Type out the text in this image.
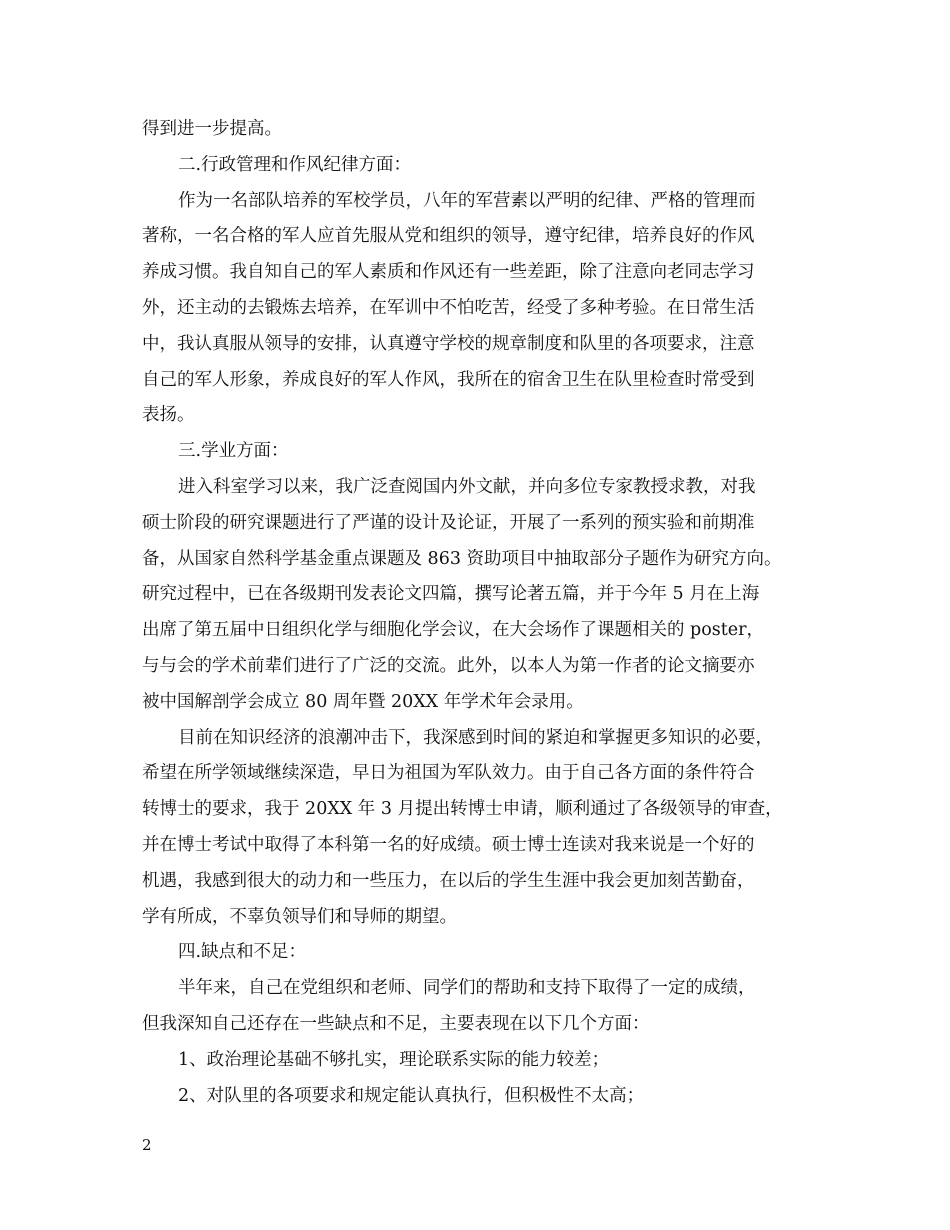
得到进一步提高。
二.行政管理和作风纪律方面：
作为一名部队培养的军校学员，八年的军营素以严明的纪律、严格的管理而
著称，一名合格的军人应首先服从党和组织的领导，遵守纪律，培养良好的作风
养成习惯。我自知自己的军人素质和作风还有一些差距，除了注意向老同志学习
外，还主动的去锻炼去培养，在军训中不怕吃苦，经受了多种考验。在日常生活
中，我认真服从领导的安排，认真遵守学校的规章制度和队里的各项要求，注意
自己的军人形象，养成良好的军人作风，我所在的宿舍卫生在队里检查时常受到
表扬。
三.学业方面：
进入科室学习以来，我广泛查阅国内外文献，并向多位专家教授求教，对我
硕士阶段的研究课题进行了严谨的设计及论证，开展了一系列的预实验和前期准
备，从国家自然科学基金重点课题及 863 资助项目中抽取部分子题作为研究方向。
研究过程中，已在各级期刊发表论文四篇，撰写论著五篇，并于今年 5 月在上海
出席了第五届中日组织化学与细胞化学会议，在大会场作了课题相关的 poster，
与与会的学术前辈们进行了广泛的交流。此外，以本人为第一作者的论文摘要亦
被中国解剖学会成立 80 周年暨 20XX 年学术年会录用。
目前在知识经济的浪潮冲击下，我深感到时间的紧迫和掌握更多知识的必要，
希望在所学领域继续深造，早日为祖国为军队效力。由于自己各方面的条件符合
转博士的要求，我于 20XX 年 3 月提出转博士申请，顺利通过了各级领导的审查，
并在博士考试中取得了本科第一名的好成绩。硕士博士连读对我来说是一个好的
机遇，我感到很大的动力和一些压力，在以后的学生生涯中我会更加刻苦勤奋，
学有所成，不辜负领导们和导师的期望。
四.缺点和不足：
半年来，自己在党组织和老师、同学们的帮助和支持下取得了一定的成绩，
但我深知自己还存在一些缺点和不足，主要表现在以下几个方面：
1、政治理论基础不够扎实，理论联系实际的能力较差；
2、对队里的各项要求和规定能认真执行，但积极性不太高；
2
